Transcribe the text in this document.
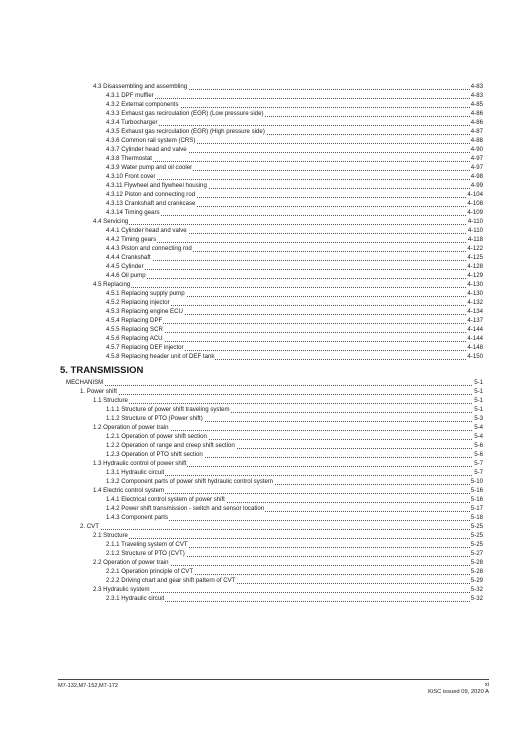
4.3 Disassembling and assembling	4-83
4.3.1 DPF muffler	4-83
4.3.2 External components	4-85
4.3.3 Exhaust gas recirculation (EGR) (Low pressure side)	4-86
4.3.4 Turbocharger	4-86
4.3.5 Exhaust gas recirculation (EGR) (High pressure side)	4-87
4.3.6 Common rail system (CRS)	4-88
4.3.7 Cylinder head and valve	4-90
4.3.8 Thermostat	4-97
4.3.9 Water pump and oil cooler	4-97
4.3.10 Front cover	4-98
4.3.11 Flywheel and flywheel housing	4-99
4.3.12 Piston and connecting rod	4-104
4.3.13 Crankshaft and crankcase	4-108
4.3.14 Timing gears	4-109
4.4 Servicing	4-110
4.4.1 Cylinder head and valve	4-110
4.4.2 Timing gears	4-118
4.4.3 Piston and connecting rod	4-122
4.4.4 Crankshaft	4-125
4.4.5 Cylinder	4-128
4.4.6 Oil pump	4-129
4.5 Replacing	4-130
4.5.1 Replacing supply pump	4-130
4.5.2 Replacing injector	4-132
4.5.3 Replacing engine ECU	4-134
4.5.4 Replacing DPF	4-137
4.5.5 Replacing SCR	4-144
4.5.6 Replacing ACU	4-144
4.5.7 Replacing DEF injector	4-148
4.5.8 Replacing header unit of DEF tank	4-150
5. TRANSMISSION
MECHANISM	5-1
1. Power shift	5-1
1.1 Structure	5-1
1.1.1 Structure of power shift traveling system	5-1
1.1.2 Structure of PTO (Power shift)	5-3
1.2 Operation of power train	5-4
1.2.1 Operation of power shift section	5-4
1.2.2 Operation of range and creep shift section	5-6
1.2.3 Operation of PTO shift section	5-6
1.3 Hydraulic control of power shift	5-7
1.3.1 Hydraulic circuit	5-7
1.3.2 Component parts of power shift hydraulic control system	5-10
1.4 Electric control system	5-16
1.4.1 Electrical control system of power shift	5-16
1.4.2 Power shift transmission - switch and sensor location	5-17
1.4.3 Component parts	5-18
2. CVT	5-25
2.1 Structure	5-25
2.1.1 Traveling system of CVT	5-25
2.1.2 Structure of PTO (CVT)	5-27
2.2 Operation of power train	5-28
2.2.1 Operation principle of CVT	5-28
2.2.2 Driving chart and gear shift pattern of CVT	5-29
2.3 Hydraulic system	5-32
2.3.1 Hydraulic circuit	5-32
M7-132,M7-152,M7-172	xi
KiSC issued 09, 2020 A
